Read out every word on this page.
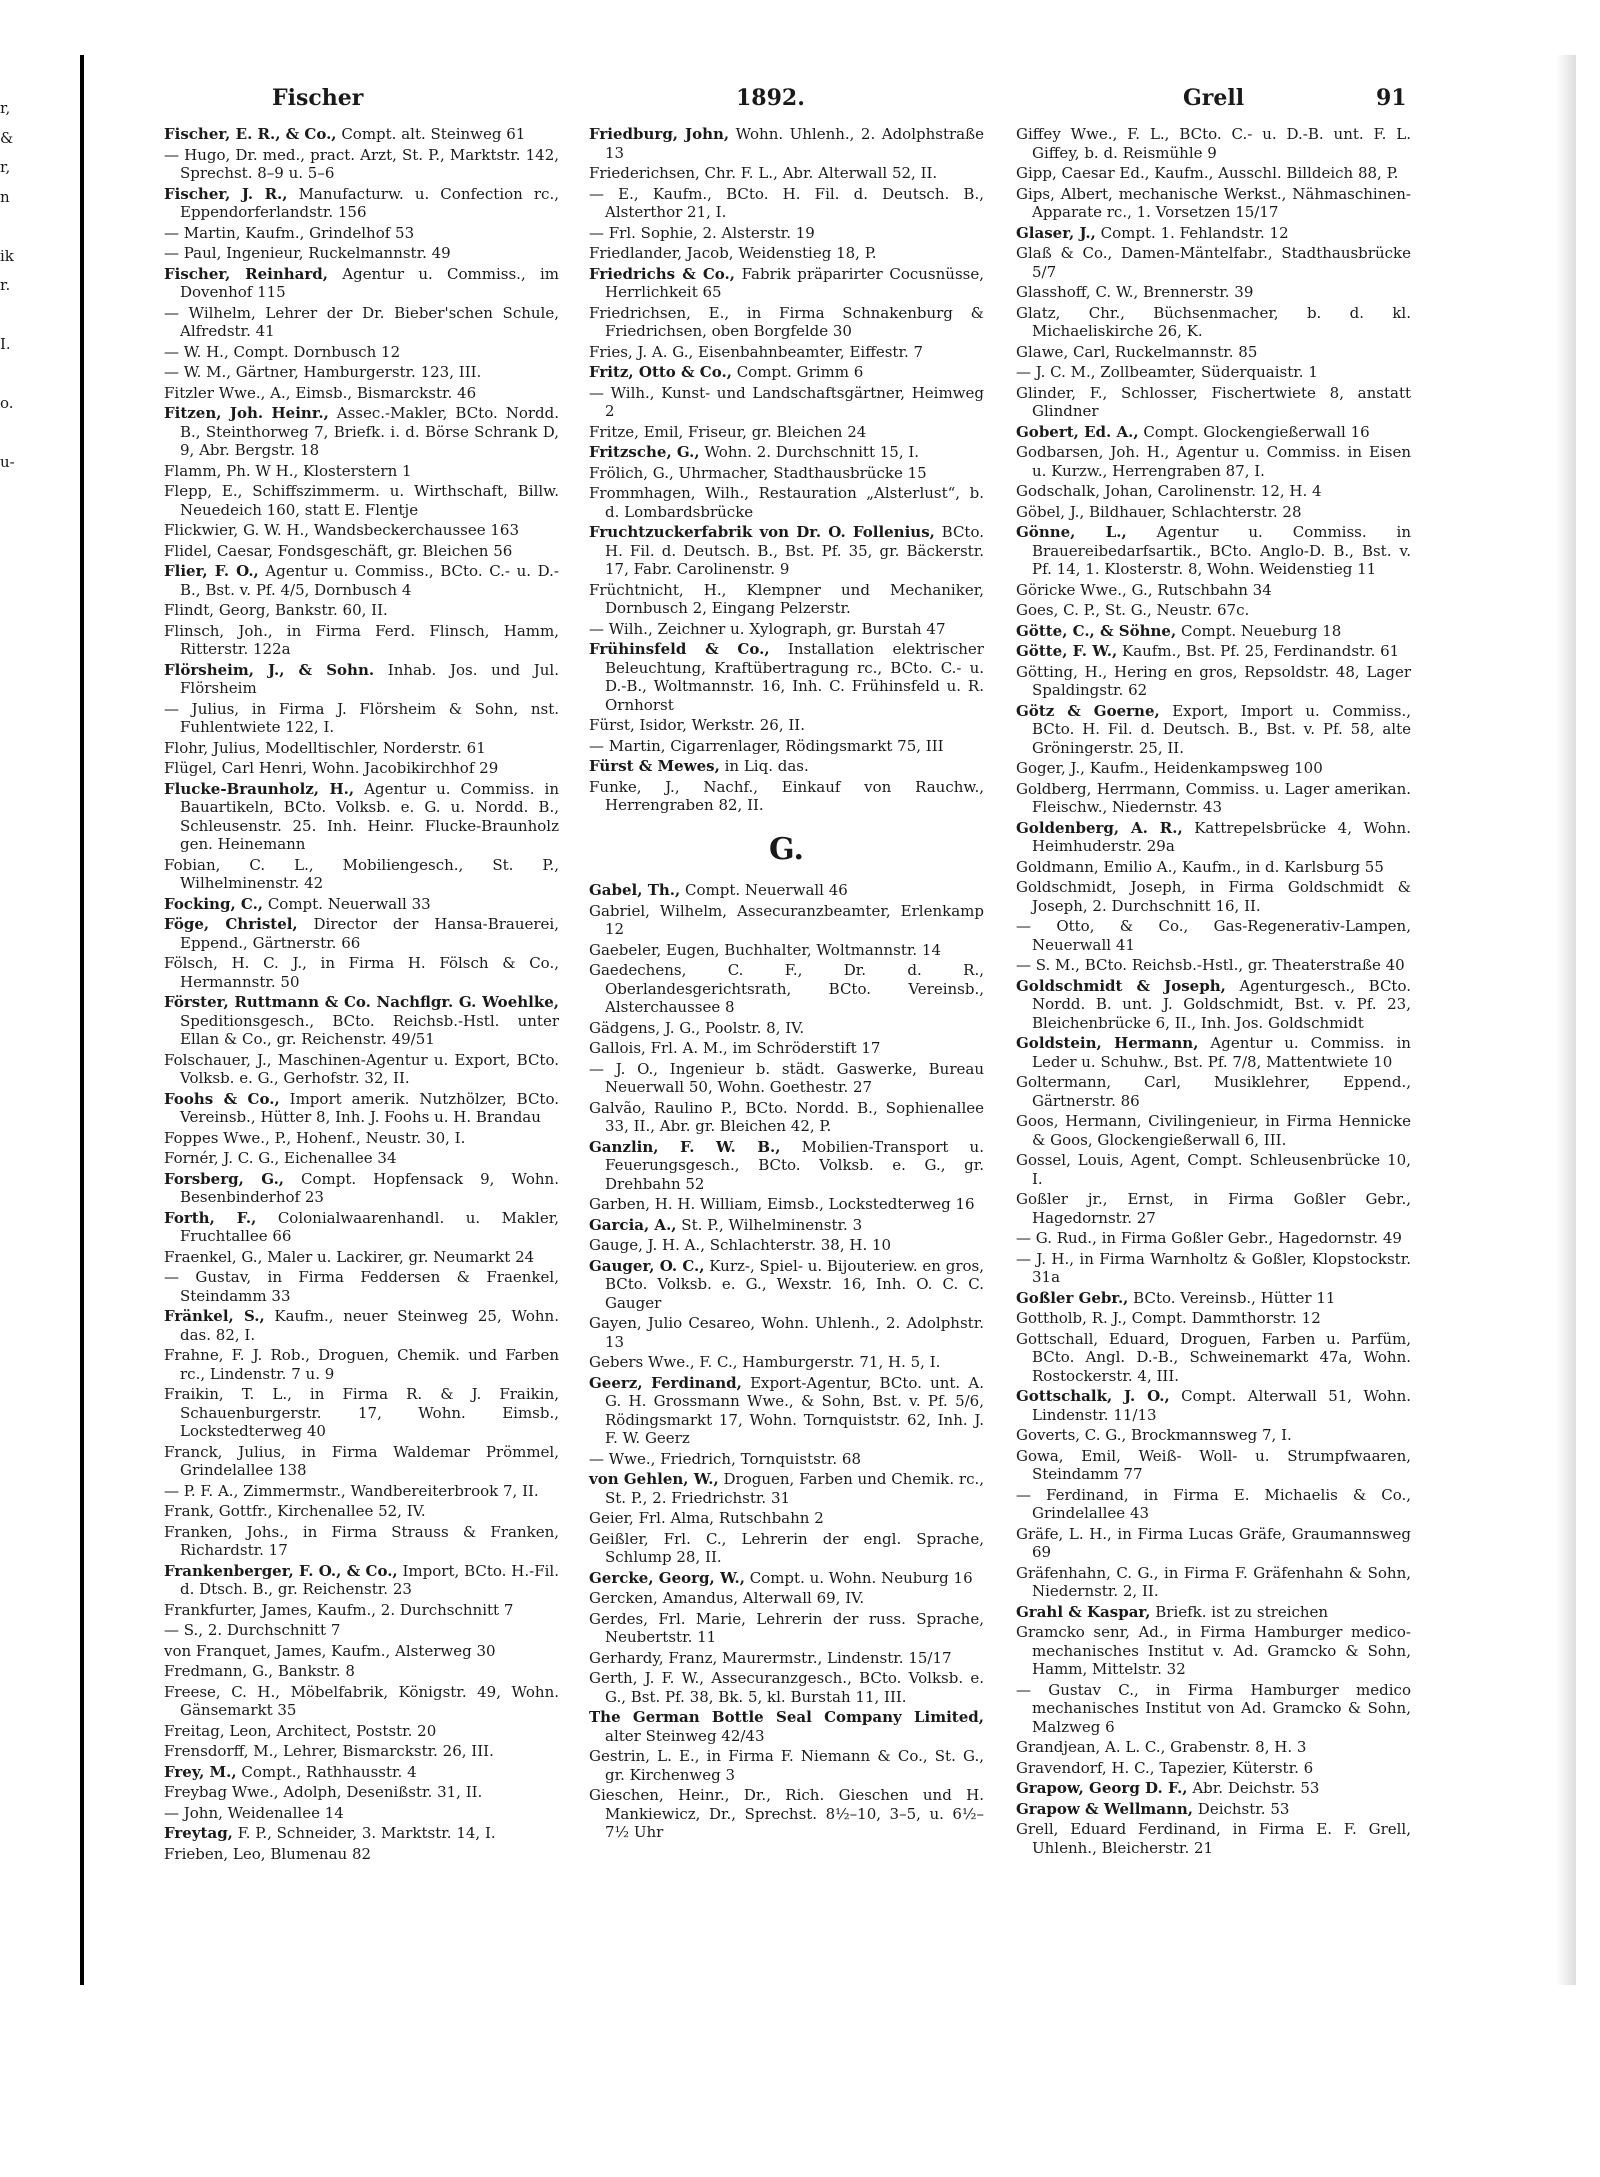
r,
&
r,
n
ik
r.
I.
o.
u-
Fischer	1892.	Grell	91
Fischer, E. R., & Co., Compt. alt. Steinweg 61
— Hugo, Dr. med., pract. Arzt, St. P., Marktstr. 142, Sprechst. 8–9 u. 5–6
Fischer, J. R., Manufacturw. u. Confection rc., Eppendorferlandstr. 156
— Martin, Kaufm., Grindelhof 53
— Paul, Ingenieur, Ruckelmannstr. 49
Fischer, Reinhard, Agentur u. Commiss., im Dovenhof 115
— Wilhelm, Lehrer der Dr. Bieber'schen Schule, Alfredstr. 41
— W. H., Compt. Dornbusch 12
— W. M., Gärtner, Hamburgerstr. 123, III.
Fitzler Wwe., A., Eimsb., Bismarckstr. 46
Fitzen, Joh. Heinr., Assec.-Makler, BCto. Nordd. B., Steinthorweg 7, Briefk. i. d. Börse Schrank D, 9, Abr. Bergstr. 18
Flamm, Ph. W H., Klosterstern 1
Flepp, E., Schiffszimmerm. u. Wirthschaft, Billw. Neuedeich 160, statt E. Flentje
Flickwier, G. W. H., Wandsbeckerchaussee 163
Flidel, Caesar, Fondsgeschäft, gr. Bleichen 56
Flier, F. O., Agentur u. Commiss., BCto. C.- u. D.-B., Bst. v. Pf. 4/5, Dornbusch 4
Flindt, Georg, Bankstr. 60, II.
Flinsch, Joh., in Firma Ferd. Flinsch, Hamm, Ritterstr. 122a
Flörsheim, J., & Sohn. Inhab. Jos. und Jul. Flörsheim
— Julius, in Firma J. Flörsheim & Sohn, nst. Fuhlentwiete 122, I.
Flohr, Julius, Modelltischler, Norderstr. 61
Flügel, Carl Henri, Wohn. Jacobikirchhof 29
Flucke-Braunholz, H., Agentur u. Commiss. in Bauartikeln, BCto. Volksb. e. G. u. Nordd. B., Schleusenstr. 25. Inh. Heinr. Flucke-Braunholz gen. Heinemann
Fobian, C. L., Mobiliengesch., St. P., Wilhelminenstr. 42
Focking, C., Compt. Neuerwall 33
Föge, Christel, Director der Hansa-Brauerei, Eppend., Gärtnerstr. 66
Fölsch, H. C. J., in Firma H. Fölsch & Co., Hermannstr. 50
Förster, Ruttmann & Co. Nachflgr. G. Woehlke, Speditionsgesch., BCto. Reichsb.-Hstl. unter Ellan & Co., gr. Reichenstr. 49/51
Folschauer, J., Maschinen-Agentur u. Export, BCto. Volksb. e. G., Gerhofstr. 32, II.
Foohs & Co., Import amerik. Nutzhölzer, BCto. Vereinsb., Hütter 8, Inh. J. Foohs u. H. Brandau
Foppes Wwe., P., Hohenf., Neustr. 30, I.
Fornér, J. C. G., Eichenallee 34
Forsberg, G., Compt. Hopfensack 9, Wohn. Besenbinderhof 23
Forth, F., Colonialwaarenhandl. u. Makler, Fruchtallee 66
Fraenkel, G., Maler u. Lackirer, gr. Neumarkt 24
— Gustav, in Firma Feddersen & Fraenkel, Steindamm 33
Fränkel, S., Kaufm., neuer Steinweg 25, Wohn. das. 82, I.
Frahne, F. J. Rob., Droguen, Chemik. und Farben rc., Lindenstr. 7 u. 9
Fraikin, T. L., in Firma R. & J. Fraikin, Schauenburgerstr. 17, Wohn. Eimsb., Lockstedterweg 40
Franck, Julius, in Firma Waldemar Prömmel, Grindelallee 138
— P. F. A., Zimmermstr., Wandbereiterbrook 7, II.
Frank, Gottfr., Kirchenallee 52, IV.
Franken, Johs., in Firma Strauss & Franken, Richardstr. 17
Frankenberger, F. O., & Co., Import, BCto. H.-Fil. d. Dtsch. B., gr. Reichenstr. 23
Frankfurter, James, Kaufm., 2. Durchschnitt 7
— S., 2. Durchschnitt 7
von Franquet, James, Kaufm., Alsterweg 30
Fredmann, G., Bankstr. 8
Freese, C. H., Möbelfabrik, Königstr. 49, Wohn. Gänsemarkt 35
Freitag, Leon, Architect, Poststr. 20
Frensdorff, M., Lehrer, Bismarckstr. 26, III.
Frey, M., Compt., Rathhausstr. 4
Freybag Wwe., Adolph, Desenißstr. 31, II.
— John, Weidenallee 14
Freytag, F. P., Schneider, 3. Marktstr. 14, I.
Frieben, Leo, Blumenau 82
Friedburg, John, Wohn. Uhlenh., 2. Adolphstraße 13
Friederichsen, Chr. F. L., Abr. Alterwall 52, II.
— E., Kaufm., BCto. H. Fil. d. Deutsch. B., Alsterthor 21, I.
— Frl. Sophie, 2. Alsterstr. 19
Friedlander, Jacob, Weidenstieg 18, P.
Friedrichs & Co., Fabrik präparirter Cocusnüsse, Herrlichkeit 65
Friedrichsen, E., in Firma Schnakenburg & Friedrichsen, oben Borgfelde 30
Fries, J. A. G., Eisenbahnbeamter, Eiffestr. 7
Fritz, Otto & Co., Compt. Grimm 6
— Wilh., Kunst- und Landschaftsgärtner, Heimweg 2
Fritze, Emil, Friseur, gr. Bleichen 24
Fritzsche, G., Wohn. 2. Durchschnitt 15, I.
Frölich, G., Uhrmacher, Stadthausbrücke 15
Frommhagen, Wilh., Restauration „Alsterlust“, b. d. Lombardsbrücke
Fruchtzuckerfabrik von Dr. O. Follenius, BCto. H. Fil. d. Deutsch. B., Bst. Pf. 35, gr. Bäckerstr. 17, Fabr. Carolinenstr. 9
Früchtnicht, H., Klempner und Mechaniker, Dornbusch 2, Eingang Pelzerstr.
— Wilh., Zeichner u. Xylograph, gr. Burstah 47
Frühinsfeld & Co., Installation elektrischer Beleuchtung, Kraftübertragung rc., BCto. C.- u. D.-B., Woltmannstr. 16, Inh. C. Frühinsfeld u. R. Ornhorst
Fürst, Isidor, Werkstr. 26, II.
— Martin, Cigarrenlager, Rödingsmarkt 75, III
Fürst & Mewes, in Liq. das.
Funke, J., Nachf., Einkauf von Rauchw., Herrengraben 82, II.
G.
Gabel, Th., Compt. Neuerwall 46
Gabriel, Wilhelm, Assecuranzbeamter, Erlenkamp 12
Gaebeler, Eugen, Buchhalter, Woltmannstr. 14
Gaedechens, C. F., Dr. d. R., Oberlandesgerichtsrath, BCto. Vereinsb., Alsterchaussee 8
Gädgens, J. G., Poolstr. 8, IV.
Gallois, Frl. A. M., im Schröderstift 17
— J. O., Ingenieur b. städt. Gaswerke, Bureau Neuerwall 50, Wohn. Goethestr. 27
Galvão, Raulino P., BCto. Nordd. B., Sophienallee 33, II., Abr. gr. Bleichen 42, P.
Ganzlin, F. W. B., Mobilien-Transport u. Feuerungsgesch., BCto. Volksb. e. G., gr. Drehbahn 52
Garben, H. H. William, Eimsb., Lockstedterweg 16
Garcia, A., St. P., Wilhelminenstr. 3
Gauge, J. H. A., Schlachterstr. 38, H. 10
Gauger, O. C., Kurz-, Spiel- u. Bijouteriew. en gros, BCto. Volksb. e. G., Wexstr. 16, Inh. O. C. C. Gauger
Gayen, Julio Cesareo, Wohn. Uhlenh., 2. Adolphstr. 13
Gebers Wwe., F. C., Hamburgerstr. 71, H. 5, I.
Geerz, Ferdinand, Export-Agentur, BCto. unt. A. G. H. Grossmann Wwe., & Sohn, Bst. v. Pf. 5/6, Rödingsmarkt 17, Wohn. Tornquiststr. 62, Inh. J. F. W. Geerz
— Wwe., Friedrich, Tornquiststr. 68
von Gehlen, W., Droguen, Farben und Chemik. rc., St. P., 2. Friedrichstr. 31
Geier, Frl. Alma, Rutschbahn 2
Geißler, Frl. C., Lehrerin der engl. Sprache, Schlump 28, II.
Gercke, Georg, W., Compt. u. Wohn. Neuburg 16
Gercken, Amandus, Alterwall 69, IV.
Gerdes, Frl. Marie, Lehrerin der russ. Sprache, Neubertstr. 11
Gerhardy, Franz, Maurermstr., Lindenstr. 15/17
Gerth, J. F. W., Assecuranzgesch., BCto. Volksb. e. G., Bst. Pf. 38, Bk. 5, kl. Burstah 11, III.
The German Bottle Seal Company Limited, alter Steinweg 42/43
Gestrin, L. E., in Firma F. Niemann & Co., St. G., gr. Kirchenweg 3
Gieschen, Heinr., Dr., Rich. Gieschen und H. Mankiewicz, Dr., Sprechst. 8½–10, 3–5, u. 6½–7½ Uhr
Giffey Wwe., F. L., BCto. C.- u. D.-B. unt. F. L. Giffey, b. d. Reismühle 9
Gipp, Caesar Ed., Kaufm., Ausschl. Billdeich 88, P.
Gips, Albert, mechanische Werkst., Nähmaschinen-Apparate rc., 1. Vorsetzen 15/17
Glaser, J., Compt. 1. Fehlandstr. 12
Glaß & Co., Damen-Mäntelfabr., Stadthausbrücke 5/7
Glasshoff, C. W., Brennerstr. 39
Glatz, Chr., Büchsenmacher, b. d. kl. Michaeliskirche 26, K.
Glawe, Carl, Ruckelmannstr. 85
— J. C. M., Zollbeamter, Süderquaistr. 1
Glinder, F., Schlosser, Fischertwiete 8, anstatt Glindner
Gobert, Ed. A., Compt. Glockengießerwall 16
Godbarsen, Joh. H., Agentur u. Commiss. in Eisen u. Kurzw., Herrengraben 87, I.
Godschalk, Johan, Carolinenstr. 12, H. 4
Göbel, J., Bildhauer, Schlachterstr. 28
Gönne, L., Agentur u. Commiss. in Brauereibedarfsartik., BCto. Anglo-D. B., Bst. v. Pf. 14, 1. Klosterstr. 8, Wohn. Weidenstieg 11
Göricke Wwe., G., Rutschbahn 34
Goes, C. P., St. G., Neustr. 67c.
Götte, C., & Söhne, Compt. Neueburg 18
Götte, F. W., Kaufm., Bst. Pf. 25, Ferdinandstr. 61
Götting, H., Hering en gros, Repsoldstr. 48, Lager Spaldingstr. 62
Götz & Goerne, Export, Import u. Commiss., BCto. H. Fil. d. Deutsch. B., Bst. v. Pf. 58, alte Gröningerstr. 25, II.
Goger, J., Kaufm., Heidenkampsweg 100
Goldberg, Herrmann, Commiss. u. Lager amerikan. Fleischw., Niedernstr. 43
Goldenberg, A. R., Kattrepelsbrücke 4, Wohn. Heimhuderstr. 29a
Goldmann, Emilio A., Kaufm., in d. Karlsburg 55
Goldschmidt, Joseph, in Firma Goldschmidt & Joseph, 2. Durchschnitt 16, II.
— Otto, & Co., Gas-Regenerativ-Lampen, Neuerwall 41
— S. M., BCto. Reichsb.-Hstl., gr. Theaterstraße 40
Goldschmidt & Joseph, Agenturgesch., BCto. Nordd. B. unt. J. Goldschmidt, Bst. v. Pf. 23, Bleichenbrücke 6, II., Inh. Jos. Goldschmidt
Goldstein, Hermann, Agentur u. Commiss. in Leder u. Schuhw., Bst. Pf. 7/8, Mattentwiete 10
Goltermann, Carl, Musiklehrer, Eppend., Gärtnerstr. 86
Goos, Hermann, Civilingenieur, in Firma Hennicke & Goos, Glockengießerwall 6, III.
Gossel, Louis, Agent, Compt. Schleusenbrücke 10, I.
Goßler jr., Ernst, in Firma Goßler Gebr., Hagedornstr. 27
— G. Rud., in Firma Goßler Gebr., Hagedornstr. 49
— J. H., in Firma Warnholtz & Goßler, Klopstockstr. 31a
Goßler Gebr., BCto. Vereinsb., Hütter 11
Gottholb, R. J., Compt. Dammthorstr. 12
Gottschall, Eduard, Droguen, Farben u. Parfüm, BCto. Angl. D.-B., Schweinemarkt 47a, Wohn. Rostockerstr. 4, III.
Gottschalk, J. O., Compt. Alterwall 51, Wohn. Lindenstr. 11/13
Goverts, C. G., Brockmannsweg 7, I.
Gowa, Emil, Weiß- Woll- u. Strumpfwaaren, Steindamm 77
— Ferdinand, in Firma E. Michaelis & Co., Grindelallee 43
Gräfe, L. H., in Firma Lucas Gräfe, Graumannsweg 69
Gräfenhahn, C. G., in Firma F. Gräfenhahn & Sohn, Niedernstr. 2, II.
Grahl & Kaspar, Briefk. ist zu streichen
Gramcko senr, Ad., in Firma Hamburger medico-mechanisches Institut v. Ad. Gramcko & Sohn, Hamm, Mittelstr. 32
— Gustav C., in Firma Hamburger medico mechanisches Institut von Ad. Gramcko & Sohn, Malzweg 6
Grandjean, A. L. C., Grabenstr. 8, H. 3
Gravendorf, H. C., Tapezier, Küterstr. 6
Grapow, Georg D. F., Abr. Deichstr. 53
Grapow & Wellmann, Deichstr. 53
Grell, Eduard Ferdinand, in Firma E. F. Grell, Uhlenh., Bleicherstr. 21
